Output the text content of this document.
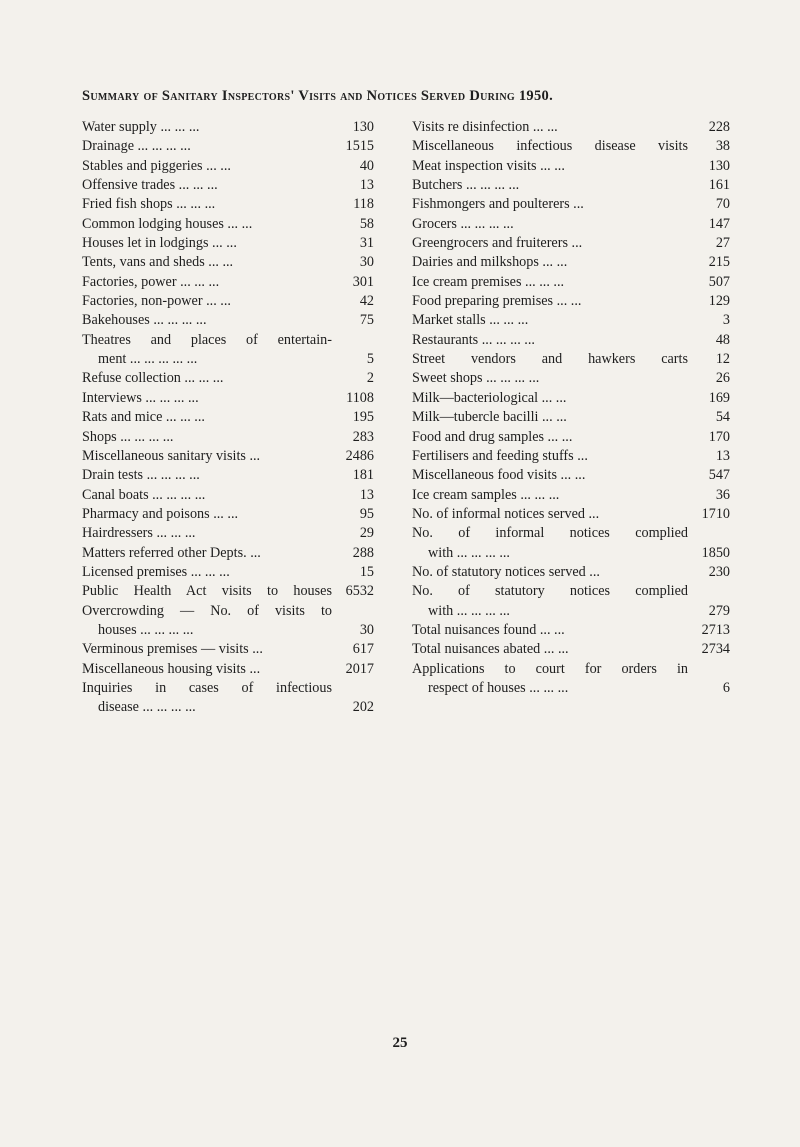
Summary of Sanitary Inspectors' Visits and Notices Served During 1950.
Water supply ... ... ...	130
Drainage ... ... ... ...	1515
Stables and piggeries ... ...	40
Offensive trades ... ... ...	13
Fried fish shops ... ... ...	118
Common lodging houses ... ...	58
Houses let in lodgings ... ...	31
Tents, vans and sheds ... ...	30
Factories, power ... ... ...	301
Factories, non-power ... ...	42
Bakehouses ... ... ... ...	75
Theatres and places of entertain-
ment ... ... ... ... ...	5
Refuse collection ... ... ...	2
Interviews ... ... ... ...	1108
Rats and mice ... ... ...	195
Shops ... ... ... ...	283
Miscellaneous sanitary visits ...	2486
Drain tests ... ... ... ...	181
Canal boats ... ... ... ...	13
Pharmacy and poisons ... ...	95
Hairdressers ... ... ...	29
Matters referred other Depts. ...	288
Licensed premises ... ... ...	15
Public Health Act visits to houses 6532
Overcrowding — No. of visits to
houses ... ... ... ...	30
Verminous premises — visits ...	617
Miscellaneous housing visits ...	2017
Inquiries in cases of infectious
disease ... ... ... ...	202
Visits re disinfection ... ...	228
Miscellaneous infectious disease visits	38
Meat inspection visits ... ...	130
Butchers ... ... ... ...	161
Fishmongers and poulterers ...	70
Grocers ... ... ... ...	147
Greengrocers and fruiterers ...	27
Dairies and milkshops ... ...	215
Ice cream premises ... ... ...	507
Food preparing premises ... ...	129
Market stalls ... ... ...	3
Restaurants ... ... ... ...	48
Street vendors and hawkers carts	12
Sweet shops ... ... ... ...	26
Milk—bacteriological ... ...	169
Milk—tubercle bacilli ... ...	54
Food and drug samples ... ...	170
Fertilisers and feeding stuffs ...	13
Miscellaneous food visits ... ...	547
Ice cream samples ... ... ...	36
No. of informal notices served ...	1710
No. of informal notices complied
with ... ... ... ...	1850
No. of statutory notices served ...	230
No. of statutory notices complied
with ... ... ... ...	279
Total nuisances found ... ...	2713
Total nuisances abated ... ...	2734
Applications to court for orders in
respect of houses ... ... ...	6
25
